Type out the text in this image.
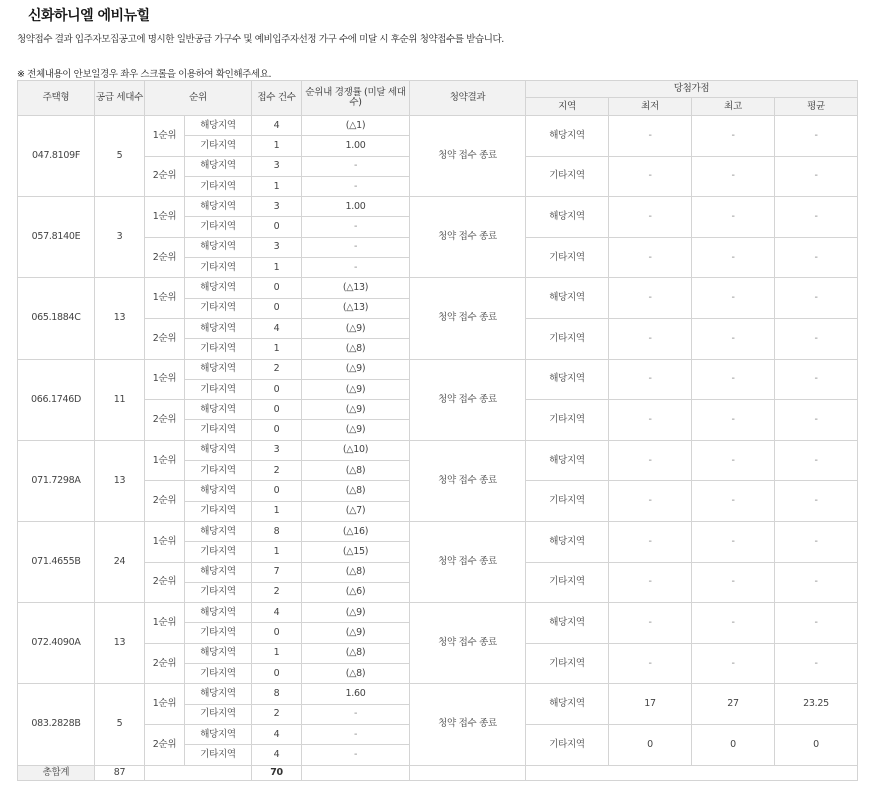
신화하니엘 에비뉴힐
청약접수 결과 입주자모집공고에 명시한 일반공급 가구수 및 예비입주자선정 가구 수에 미달 시 후순위 청약접수를 받습니다.
※ 전체내용이 안보일경우 좌우 스크롤을 이용하여 확인해주세요.
주택형	공급 세대수	순위		접수 건수	순위내 경쟁률 (미달 세대수)	청약결과	당첨가점			
							지역	최저	최고	평균
047.8109F	5	1순위	해당지역	4	(△1)	청약 접수 종료	해당지역	-	-	-
			기타지역	1	1.00					
		2순위	해당지역	3	-		기타지역	-	-	-
			기타지역	1	-					
057.8140E	3	1순위	해당지역	3	1.00	청약 접수 종료	해당지역	-	-	-
			기타지역	0	-					
		2순위	해당지역	3	-		기타지역	-	-	-
			기타지역	1	-					
065.1884C	13	1순위	해당지역	0	(△13)	청약 접수 종료	해당지역	-	-	-
			기타지역	0	(△13)					
		2순위	해당지역	4	(△9)		기타지역	-	-	-
			기타지역	1	(△8)					
066.1746D	11	1순위	해당지역	2	(△9)	청약 접수 종료	해당지역	-	-	-
			기타지역	0	(△9)					
		2순위	해당지역	0	(△9)		기타지역	-	-	-
			기타지역	0	(△9)					
071.7298A	13	1순위	해당지역	3	(△10)	청약 접수 종료	해당지역	-	-	-
			기타지역	2	(△8)					
		2순위	해당지역	0	(△8)		기타지역	-	-	-
			기타지역	1	(△7)					
071.4655B	24	1순위	해당지역	8	(△16)	청약 접수 종료	해당지역	-	-	-
			기타지역	1	(△15)					
		2순위	해당지역	7	(△8)		기타지역	-	-	-
			기타지역	2	(△6)					
072.4090A	13	1순위	해당지역	4	(△9)	청약 접수 종료	해당지역	-	-	-
			기타지역	0	(△9)					
		2순위	해당지역	1	(△8)		기타지역	-	-	-
			기타지역	0	(△8)					
083.2828B	5	1순위	해당지역	8	1.60	청약 접수 종료	해당지역	17	27	23.25
			기타지역	2	-					
		2순위	해당지역	4	-		기타지역	0	0	0
			기타지역	4	-					
총합계	87			70						
